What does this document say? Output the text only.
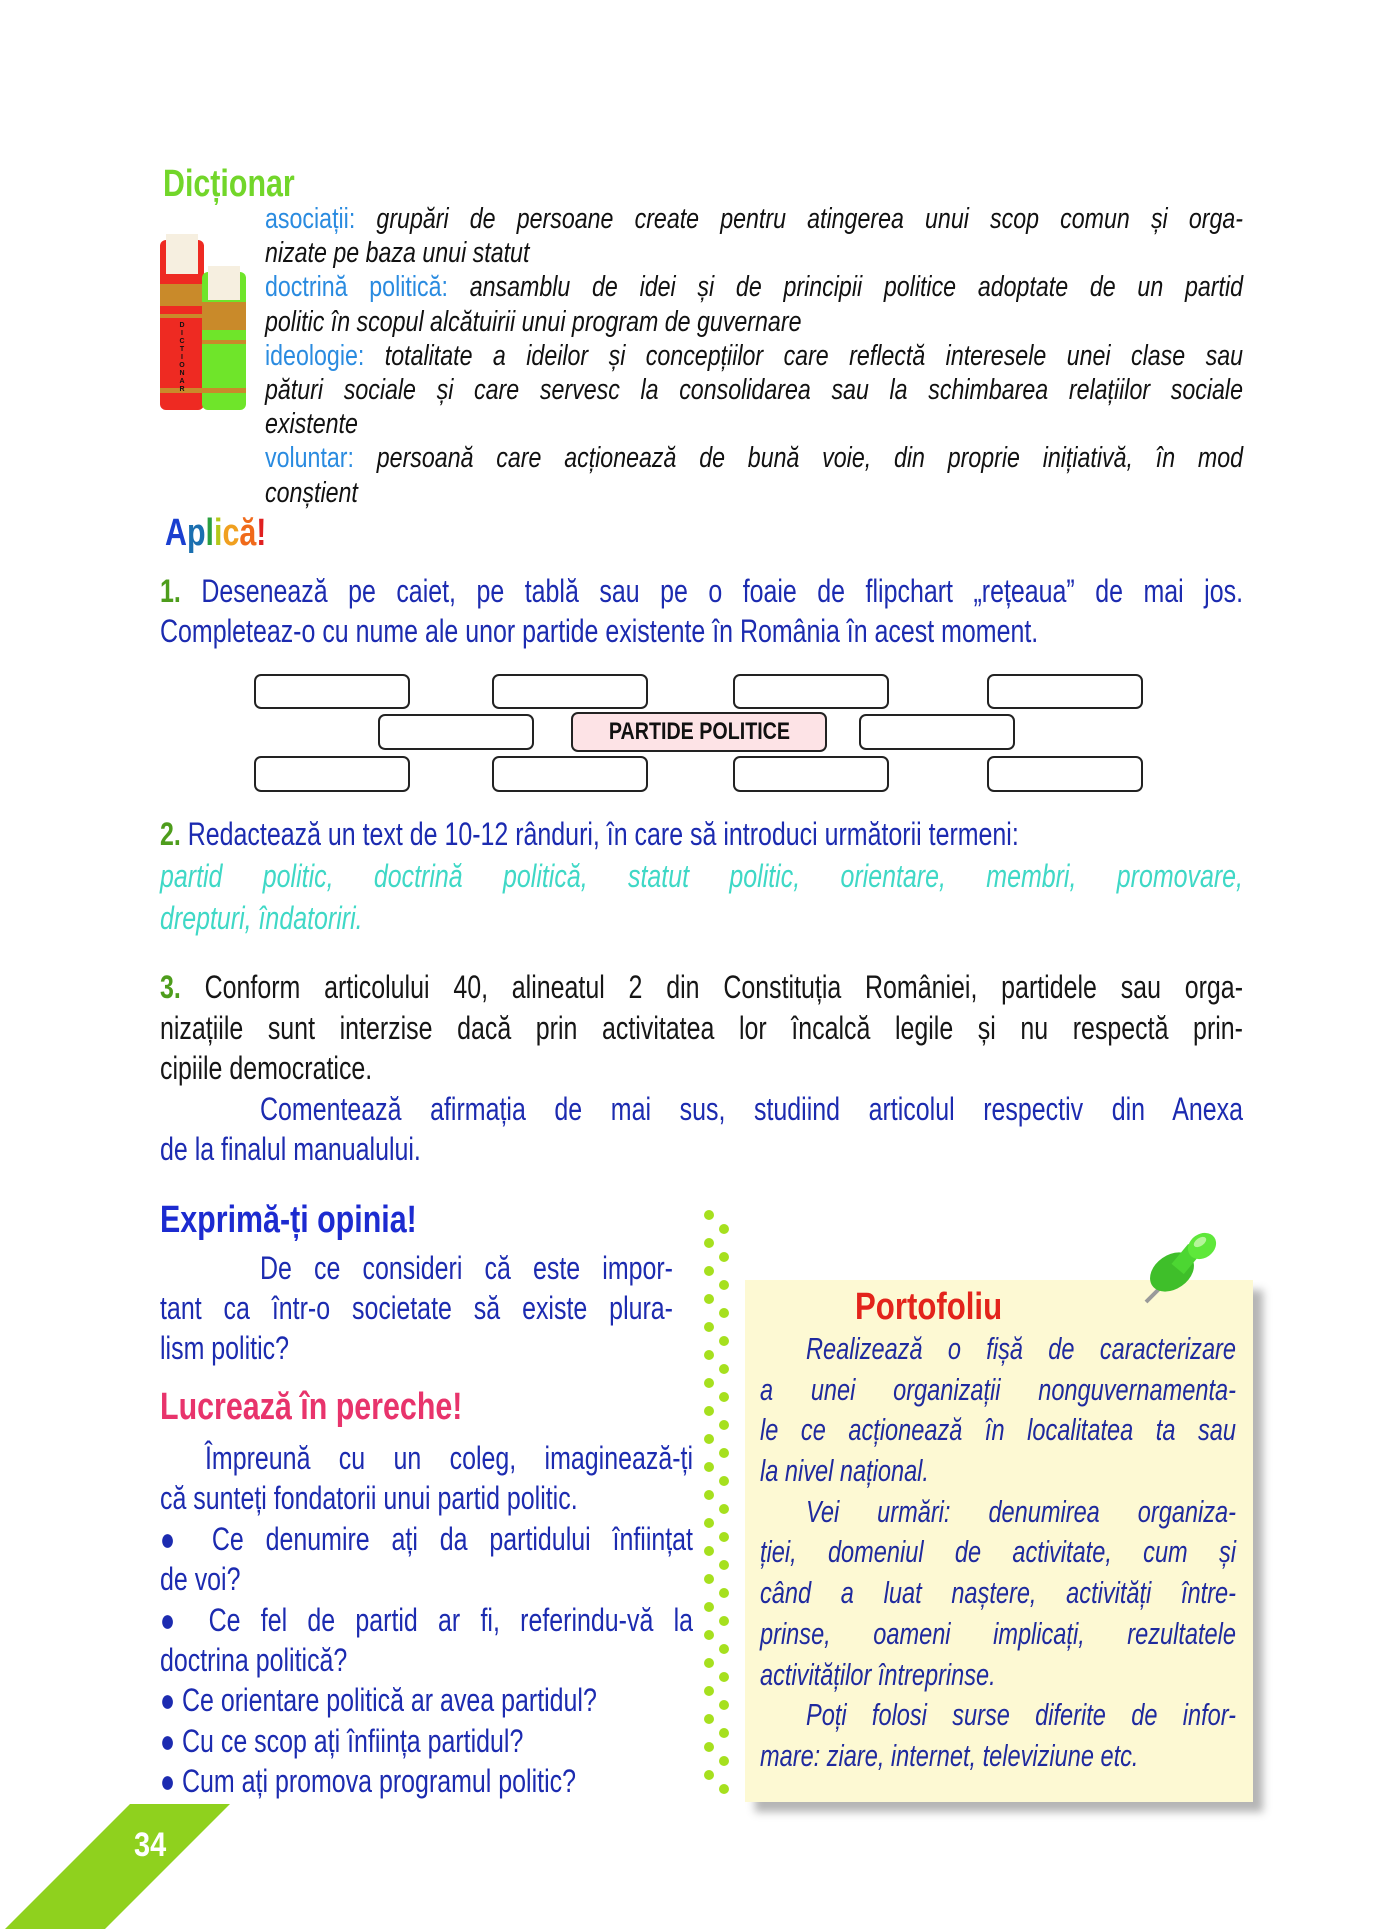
Dicționar
D I C T I O N A R
asociații: grupări de persoane create pentru atingerea unui scop comun și orga-
nizate pe baza unui statut
doctrină politică: ansamblu de idei și de principii politice adoptate de un partid
politic în scopul alcătuirii unui program de guvernare
ideologie: totalitate a ideilor și concepțiilor care reflectă interesele unei clase sau
pături sociale și care servesc la consolidarea sau la schimbarea relațiilor sociale
existente
voluntar: persoană care acționează de bună voie, din proprie inițiativă, în mod
conștient
Aplică!
1. Desenează pe caiet, pe tablă sau pe o foaie de flipchart „rețeaua” de mai jos.
Completeaz-o cu nume ale unor partide existente în România în acest moment.
PARTIDE POLITICE
2. Redactează un text de 10-12 rânduri, în care să introduci următorii termeni:
partid politic, doctrină politică, statut politic, orientare, membri, promovare,
drepturi, îndatoriri.
3. Conform articolului 40, alineatul 2 din Constituția României, partidele sau orga-
nizațiile sunt interzise dacă prin activitatea lor încalcă legile și nu respectă prin-
cipiile democratice.
Comentează afirmația de mai sus, studiind articolul respectiv din Anexa
de la finalul manualului.
Exprimă-ți opinia!
De ce consideri că este impor-
tant ca într-o societate să existe plura-
lism politic?
Lucrează în pereche!
Împreună cu un coleg, imaginează-ți
că sunteți fondatorii unui partid politic.
● Ce denumire ați da partidului înființat
de voi?
● Ce fel de partid ar fi, referindu-vă la
doctrina politică?
● Ce orientare politică ar avea partidul?
● Cu ce scop ați înființa partidul?
● Cum ați promova programul politic?
Portofoliu
Realizează o fișă de caracterizare
a unei organizații nonguvernamenta-
le ce acționează în localitatea ta sau
la nivel național.
Vei urmări: denumirea organiza-
ției, domeniul de activitate, cum și
când a luat naștere, activități între-
prinse, oameni implicați, rezultatele
activităților întreprinse.
Poți folosi surse diferite de infor-
mare: ziare, internet, televiziune etc.
34
